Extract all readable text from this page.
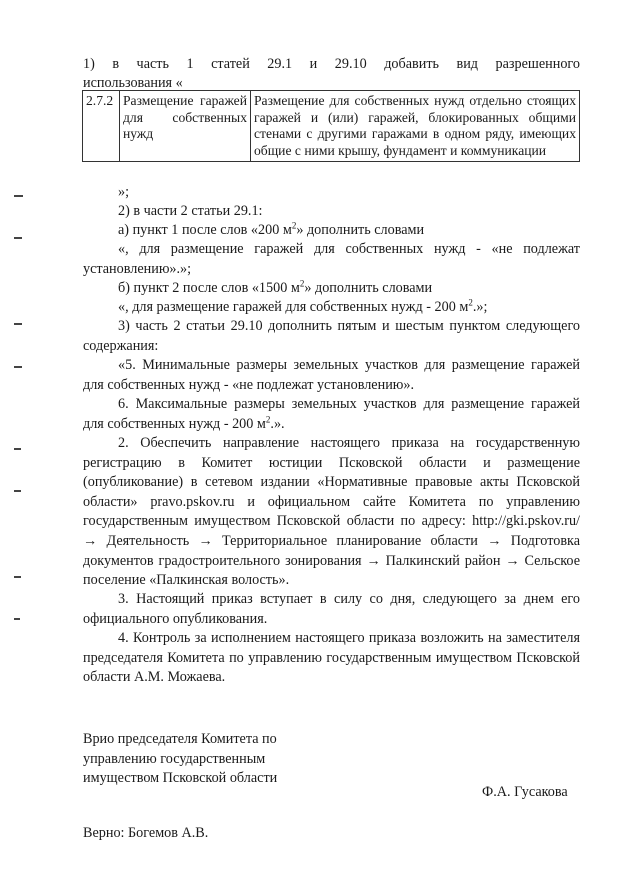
1) в часть 1 статей 29.1 и 29.10 добавить вид разрешенного

использования «

2.7.2	Размещение гаражей для собственных нужд	Размещение для собственных нужд отдельно стоящих гаражей и (или) гаражей, блокированных общими стенами с другими гаражами в одном ряду, имеющих общие с ними крышу, фундамент и коммуникации

»;

2) в части 2 статьи 29.1:

а) пункт 1 после слов «200 $м^2$» дополнить словами

«, для размещение гаражей для собственных нужд - «не подлежат установлению».»;

б) пункт 2 после слов «1500 $м^2$» дополнить словами

«, для размещение гаражей для собственных нужд - 200 $м^2$.»;

3) часть 2 статьи 29.10 дополнить пятым и шестым пунктом следующего содержания:

«5. Минимальные размеры земельных участков для размещение гаражей для собственных нужд - «не подлежат установлению».

6. Максимальные размеры земельных участков для размещение гаражей для собственных нужд - 200 $м^2$.».

2. Обеспечить направление настоящего приказа на государственную регистрацию в Комитет юстиции Псковской области и размещение (опубликование) в сетевом издании «Нормативные правовые акты Псковской области» pravo.pskov.ru и официальном сайте Комитета по управлению государственным имуществом Псковской области по адресу: http://gki.pskov.ru/ → Деятельность → Территориальное планирование области → Подготовка документов градостроительного зонирования → Палкинский район → Сельское поселение «Палкинская волость».

3. Настоящий приказ вступает в силу со дня, следующего за днем его официального опубликования.

4. Контроль за исполнением настоящего приказа возложить на заместителя председателя Комитета по управлению государственным имуществом Псковской области А.М. Можаева.

Врио председателя Комитета по

управлению государственным

имуществом Псковской области

Ф.А. Гусакова

Верно: Богемов А.В.
